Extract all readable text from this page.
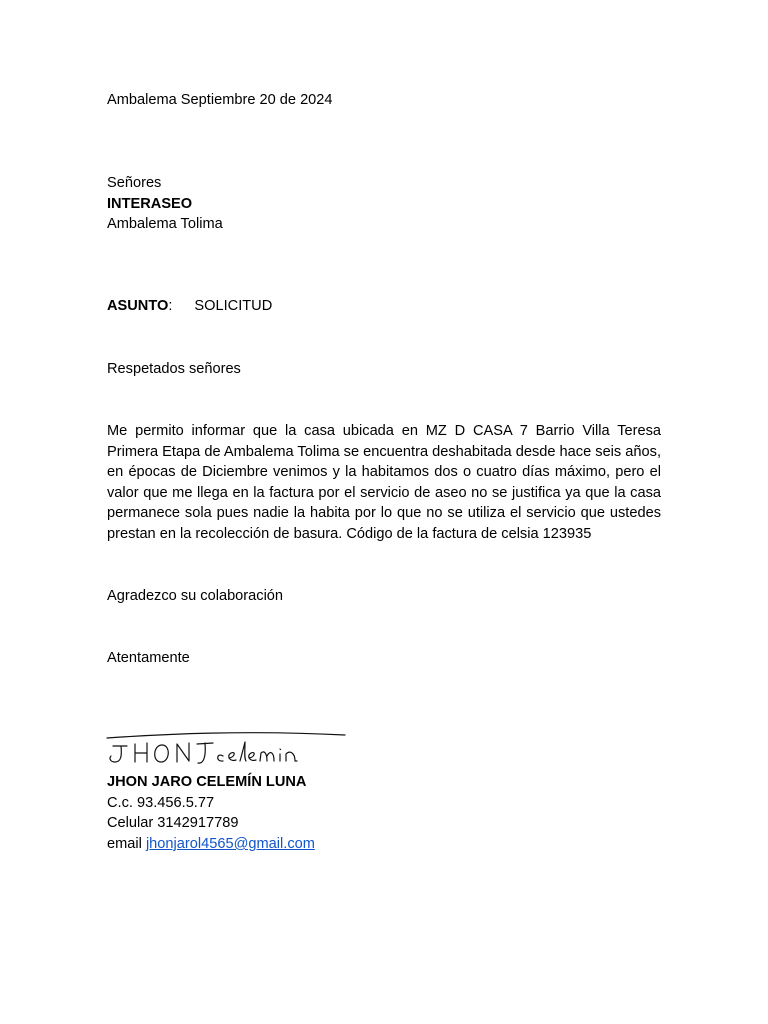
Ambalema Septiembre 20 de 2024
Señores
INTERASEO
Ambalema Tolima
ASUNTO: SOLICITUD
Respetados señores
Me permito informar que la casa ubicada en MZ D CASA 7 Barrio Villa Teresa Primera Etapa de Ambalema Tolima se encuentra deshabitada desde hace seis años, en épocas de Diciembre venimos y la habitamos dos o cuatro días máximo, pero el valor que me llega en la factura por el servicio de aseo no se justifica ya que la casa permanece sola pues nadie la habita por lo que no se utiliza el servicio que ustedes prestan en la recolección de basura. Código de la factura de celsia 123935
Agradezco su colaboración
Atentamente
JHON JARO CELEMÍN LUNA
C.c. 93.456.5.77
Celular 3142917789
email jhonjarol4565@gmail.com
